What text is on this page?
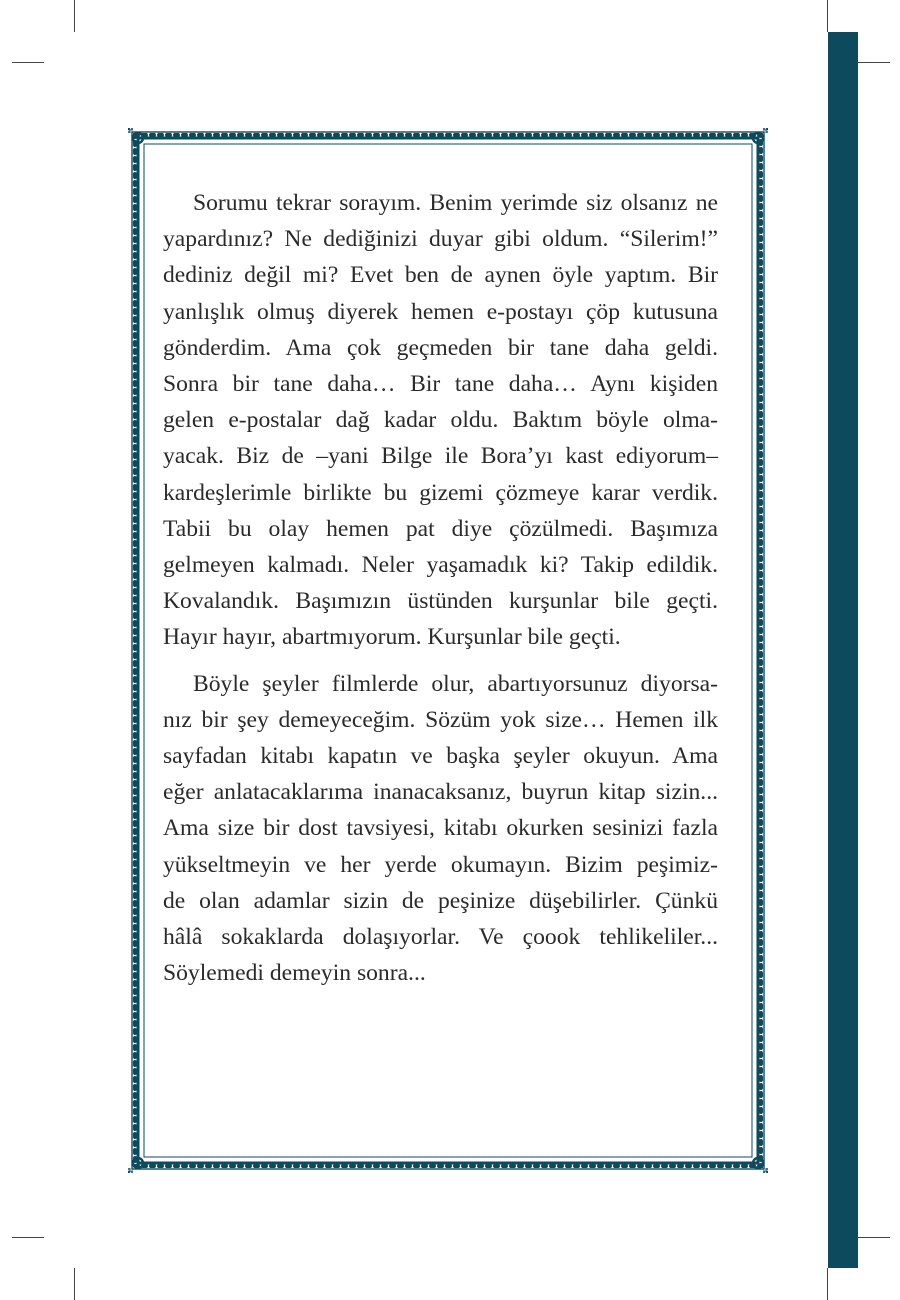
Sorumu tekrar sorayım. Benim yerimde siz olsanız ne
yapardınız? Ne dediğinizi duyar gibi oldum. “Silerim!”
dediniz değil mi? Evet ben de aynen öyle yaptım. Bir
yanlışlık olmuş diyerek hemen e-postayı çöp kutusuna
gönderdim. Ama çok geçmeden bir tane daha geldi.
Sonra bir tane daha… Bir tane daha… Aynı kişiden
gelen e-postalar dağ kadar oldu. Baktım böyle olma-
yacak. Biz de –yani Bilge ile Bora’yı kast ediyorum–
kardeşlerimle birlikte bu gizemi çözmeye karar verdik.
Tabii bu olay hemen pat diye çözülmedi. Başımıza
gelmeyen kalmadı. Neler yaşamadık ki? Takip edildik.
Kovalandık. Başımızın üstünden kurşunlar bile geçti.
Hayır hayır, abartmıyorum. Kurşunlar bile geçti.

Böyle şeyler filmlerde olur, abartıyorsunuz diyorsa-
nız bir şey demeyeceğim. Sözüm yok size… Hemen ilk
sayfadan kitabı kapatın ve başka şeyler okuyun. Ama
eğer anlatacaklarıma inanacaksanız, buyrun kitap sizin...
Ama size bir dost tavsiyesi, kitabı okurken sesinizi fazla
yükseltmeyin ve her yerde okumayın. Bizim peşimiz-
de olan adamlar sizin de peşinize düşebilirler. Çünkü
hâlâ sokaklarda dolaşıyorlar. Ve çoook tehlikeliler...
Söylemedi demeyin sonra...
